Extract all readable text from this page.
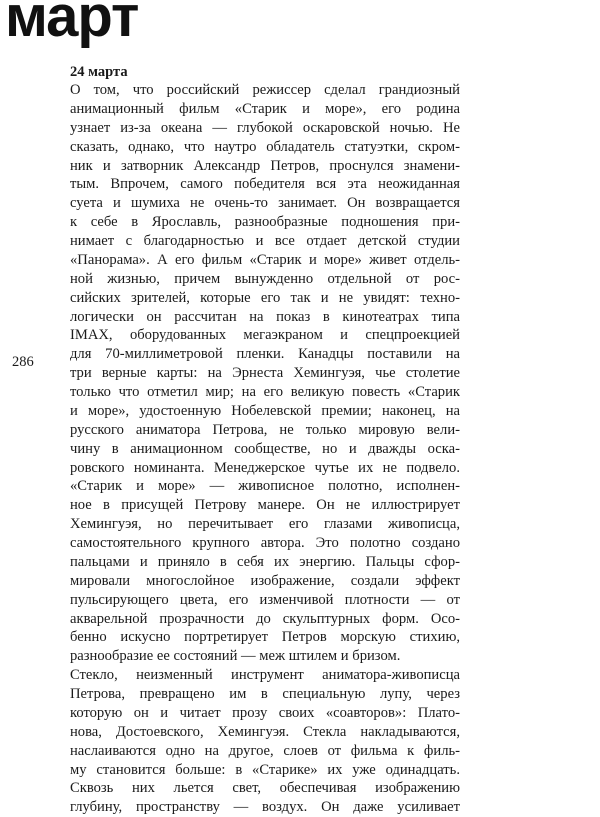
март
286
24 марта
О том, что российский режиссер сделал грандиозный
анимационный фильм «Старик и море», его родина
узнает из-за океана — глубокой оскаровской ночью. Не
сказать, однако, что наутро обладатель статуэтки, скром-
ник и затворник Александр Петров, проснулся знамени-
тым. Впрочем, самого победителя вся эта неожиданная
суета и шумиха не очень-то занимает. Он возвращается
к себе в Ярославль, разнообразные подношения при-
нимает с благодарностью и все отдает детской студии
«Панорама». А его фильм «Старик и море» живет отдель-
ной жизнью, причем вынужденно отдельной от рос-
сийских зрителей, которые его так и не увидят: техно-
логически он рассчитан на показ в кинотеатрах типа
IMAX, оборудованных мегаэкраном и спецпроекцией
для 70-миллиметровой пленки. Канадцы поставили на
три верные карты: на Эрнеста Хемингуэя, чье столетие
только что отметил мир; на его великую повесть «Старик
и море», удостоенную Нобелевской премии; наконец, на
русского аниматора Петрова, не только мировую вели-
чину в анимационном сообществе, но и дважды оска-
ровского номинанта. Менеджерское чутье их не подвело.
«Старик и море» — живописное полотно, исполнен-
ное в присущей Петрову манере. Он не иллюстрирует
Хемингуэя, но перечитывает его глазами живописца,
самостоятельного крупного автора. Это полотно создано
пальцами и приняло в себя их энергию. Пальцы сфор-
мировали многослойное изображение, создали эффект
пульсирующего цвета, его изменчивой плотности — от
акварельной прозрачности до скульптурных форм. Осо-
бенно искусно портретирует Петров морскую стихию,
разнообразие ее состояний — меж штилем и бризом.
Стекло, неизменный инструмент аниматора-живописца
Петрова, превращено им в специальную лупу, через
которую он и читает прозу своих «соавторов»: Плато-
нова, Достоевского, Хемингуэя. Стекла накладываются,
наслаиваются одно на другое, слоев от фильма к филь-
му становится больше: в «Старике» их уже одинадцать.
Сквозь них льется свет, обеспечивая изображению
глубину, пространству — воздух. Он даже усиливает
